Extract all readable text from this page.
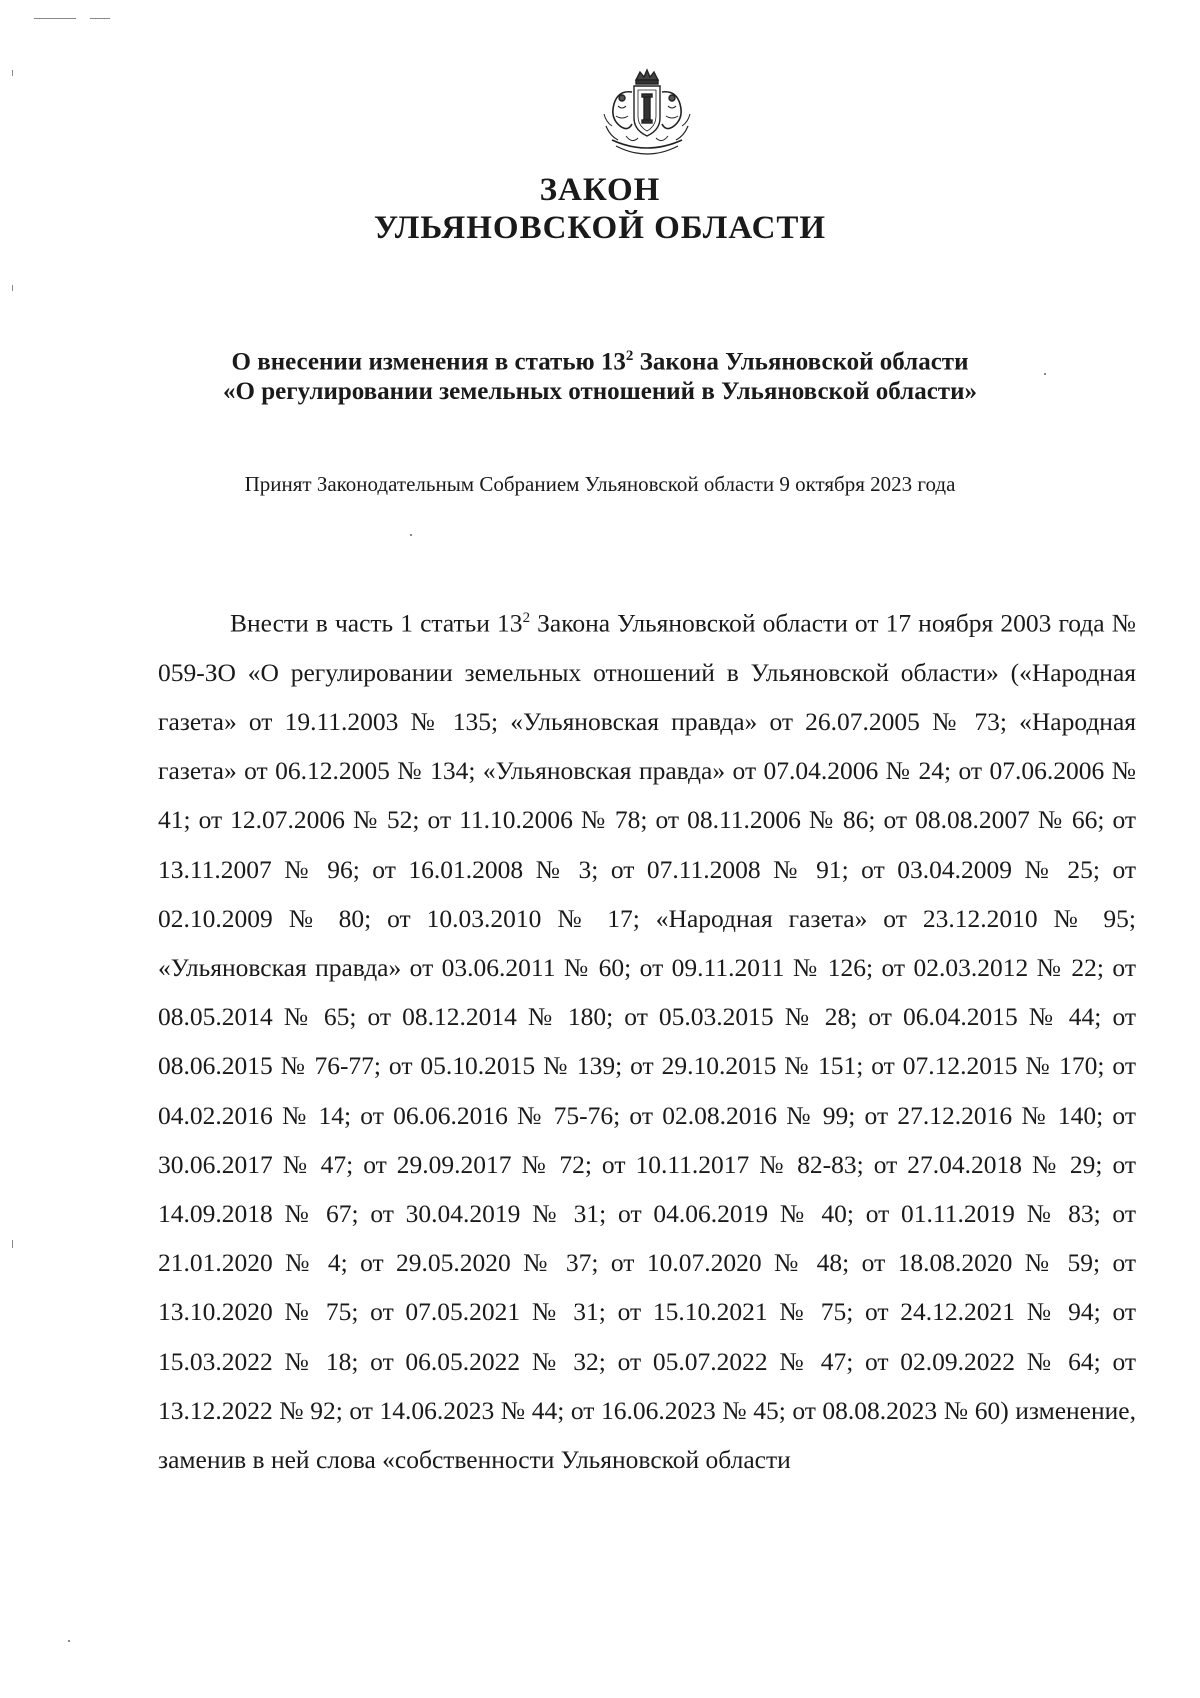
ЗАКОН
УЛЬЯНОВСКОЙ ОБЛАСТИ
О внесении изменения в статью $13^2$ Закона Ульяновской области
«О регулировании земельных отношений в Ульяновской области»
Принят Законодательным Собранием Ульяновской области 9 октября 2023 года

Внести в часть 1 статьи $13^2$ Закона Ульяновской области от 17 ноября 2003 года № 059-ЗО «О регулировании земельных отношений в Ульяновской области» («Народная газета» от 19.11.2003 № 135; «Ульяновская правда» от 26.07.2005 № 73; «Народная газета» от 06.12.2005 № 134; «Ульяновская правда» от 07.04.2006 № 24; от 07.06.2006 № 41; от 12.07.2006 № 52; от 11.10.2006 № 78; от 08.11.2006 № 86; от 08.08.2007 № 66; от 13.11.2007 № 96; от 16.01.2008 № 3; от 07.11.2008 № 91; от 03.04.2009 № 25; от 02.10.2009 № 80; от 10.03.2010 № 17; «Народная газета» от 23.12.2010 № 95; «Ульяновская правда» от 03.06.2011 № 60; от 09.11.2011 № 126; от 02.03.2012 № 22; от 08.05.2014 № 65; от 08.12.2014 № 180; от 05.03.2015 № 28; от 06.04.2015 № 44; от 08.06.2015 № 76-77; от 05.10.2015 № 139; от 29.10.2015 № 151; от 07.12.2015 № 170; от 04.02.2016 № 14; от 06.06.2016 № 75-76; от 02.08.2016 № 99; от 27.12.2016 № 140; от 30.06.2017 № 47; от 29.09.2017 № 72; от 10.11.2017 № 82-83; от 27.04.2018 № 29; от 14.09.2018 № 67; от 30.04.2019 № 31; от 04.06.2019 № 40; от 01.11.2019 № 83; от 21.01.2020 № 4; от 29.05.2020 № 37; от 10.07.2020 № 48; от 18.08.2020 № 59; от 13.10.2020 № 75; от 07.05.2021 № 31; от 15.10.2021 № 75; от 24.12.2021 № 94; от 15.03.2022 № 18; от 06.05.2022 № 32; от 05.07.2022 № 47; от 02.09.2022 № 64; от 13.12.2022 № 92; от 14.06.2023 № 44; от 16.06.2023 № 45; от 08.08.2023 № 60) изменение, заменив в ней слова «собственности Ульяновской области
